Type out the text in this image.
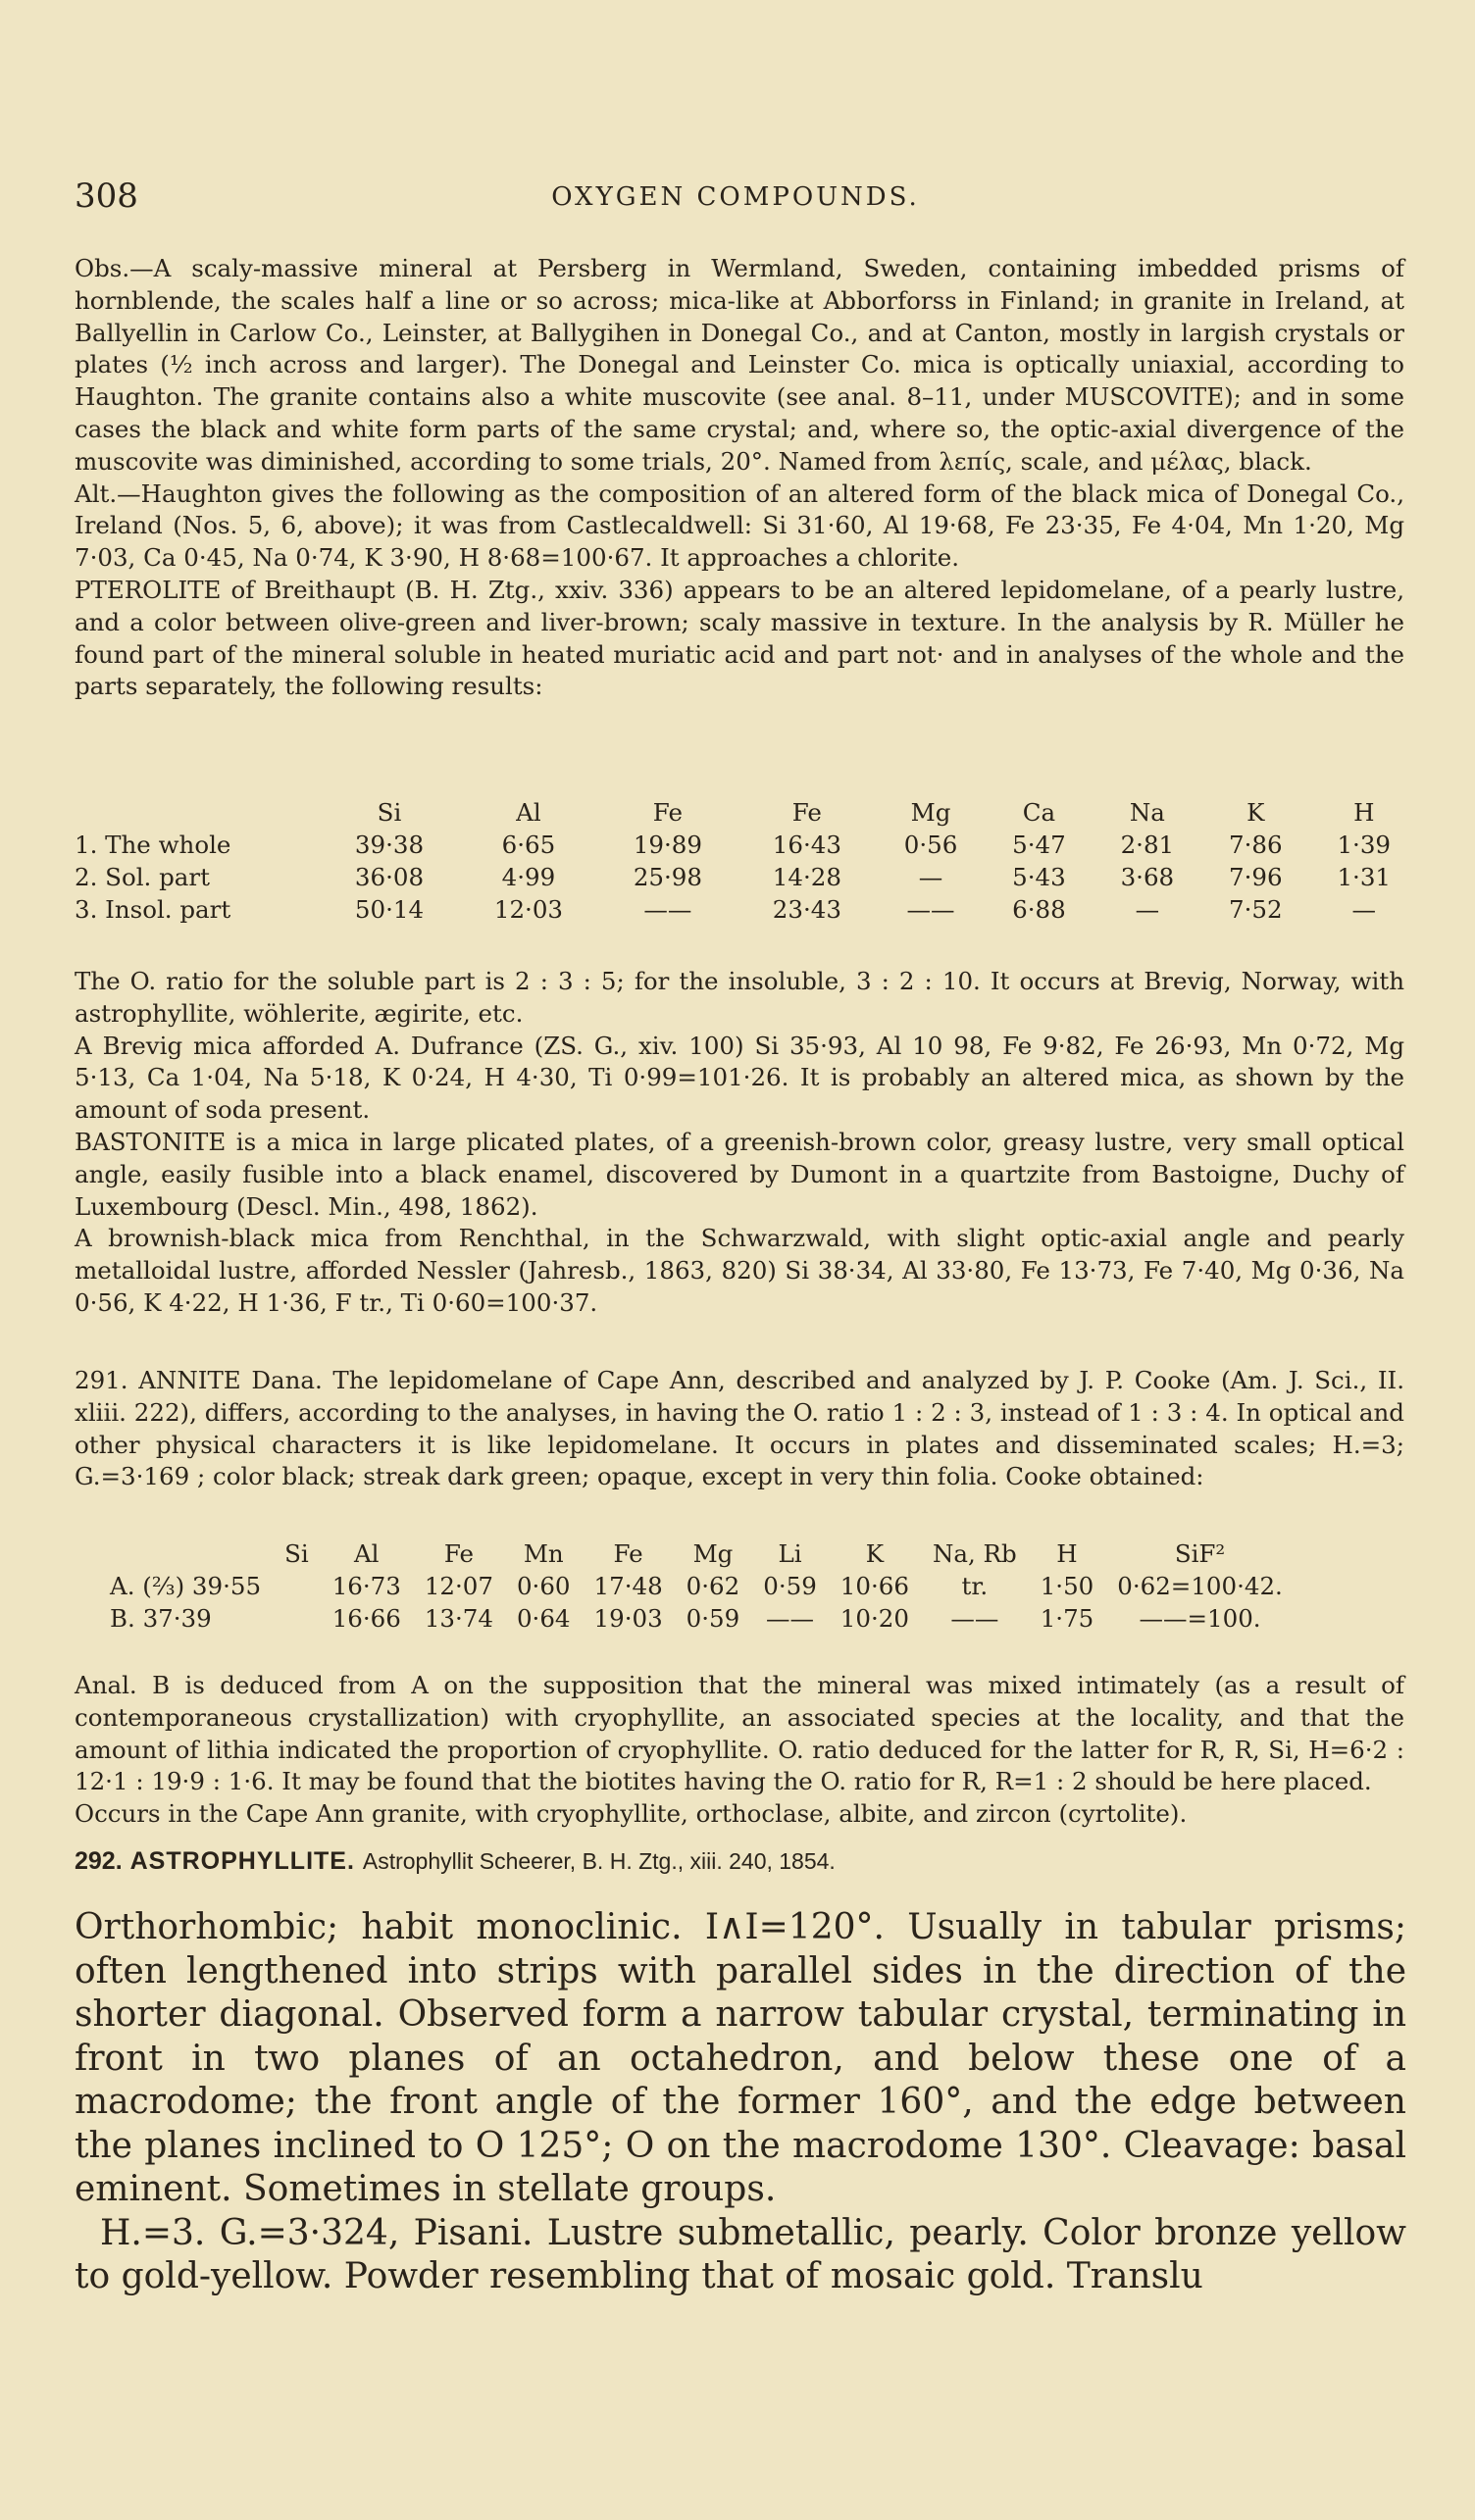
308	OXYGEN COMPOUNDS.

Obs.—A scaly-massive mineral at Persberg in Wermland, Sweden, containing imbedded prisms of hornblende, the scales half a line or so across; mica-like at Abborforss in Finland; in granite in Ireland, at Ballyellin in Carlow Co., Leinster, at Ballygihen in Donegal Co., and at Canton, mostly in largish crystals or plates (½ inch across and larger). The Donegal and Leinster Co. mica is optically uniaxial, according to Haughton. The granite contains also a white muscovite (see anal. 8–11, under MUSCOVITE); and in some cases the black and white form parts of the same crystal; and, where so, the optic-axial divergence of the muscovite was diminished, according to some trials, 20°. Named from λεπίς, scale, and μέλας, black.

Alt.—Haughton gives the following as the composition of an altered form of the black mica of Donegal Co., Ireland (Nos. 5, 6, above); it was from Castlecaldwell: Si 31·60, Al 19·68, Fe 23·35, Fe 4·04, Mn 1·20, Mg 7·03, Ca 0·45, Na 0·74, K 3·90, H 8·68=100·67. It approaches a chlorite.

PTEROLITE of Breithaupt (B. H. Ztg., xxiv. 336) appears to be an altered lepidomelane, of a pearly lustre, and a color between olive-green and liver-brown; scaly massive in texture. In the analysis by R. Müller he found part of the mineral soluble in heated muriatic acid and part not· and in analyses of the whole and the parts separately, the following results:

	Si	Al	Fe	Fe	Mg	Ca	Na	K	H
1. The whole	39·38	6·65	19·89	16·43	0·56	5·47	2·81	7·86	1·39
2. Sol. part	36·08	4·99	25·98	14·28	—	5·43	3·68	7·96	1·31
3. Insol. part	50·14	12·03	——	23·43	——	6·88	—	7·52	—

The O. ratio for the soluble part is 2 : 3 : 5; for the insoluble, 3 : 2 : 10. It occurs at Brevig, Norway, with astrophyllite, wöhlerite, ægirite, etc.

A Brevig mica afforded A. Dufrance (ZS. G., xiv. 100) Si 35·93, Al 10 98, Fe 9·82, Fe 26·93, Mn 0·72, Mg 5·13, Ca 1·04, Na 5·18, K 0·24, H 4·30, Ti 0·99=101·26. It is probably an altered mica, as shown by the amount of soda present.

BASTONITE is a mica in large plicated plates, of a greenish-brown color, greasy lustre, very small optical angle, easily fusible into a black enamel, discovered by Dumont in a quartzite from Bastoigne, Duchy of Luxembourg (Descl. Min., 498, 1862).

A brownish-black mica from Renchthal, in the Schwarzwald, with slight optic-axial angle and pearly metalloidal lustre, afforded Nessler (Jahresb., 1863, 820) Si 38·34, Al 33·80, Fe 13·73, Fe 7·40, Mg 0·36, Na 0·56, K 4·22, H 1·36, F tr., Ti 0·60=100·37.

291. ANNITE Dana. The lepidomelane of Cape Ann, described and analyzed by J. P. Cooke (Am. J. Sci., II. xliii. 222), differs, according to the analyses, in having the O. ratio 1 : 2 : 3, instead of 1 : 3 : 4. In optical and other physical characters it is like lepidomelane. It occurs in plates and disseminated scales; H.=3; G.=3·169 ; color black; streak dark green; opaque, except in very thin folia. Cooke obtained:

	Si	Al	Fe	Mn	Fe	Mg	Li	K	Na, Rb	H	SiF²
A. (⅔) 39·55		16·73	12·07	0·60	17·48	0·62	0·59	10·66	tr.	1·50	0·62=100·42.
B. 37·39		16·66	13·74	0·64	19·03	0·59	——	10·20	——	1·75	——=100.

Anal. B is deduced from A on the supposition that the mineral was mixed intimately (as a result of contemporaneous crystallization) with cryophyllite, an associated species at the locality, and that the amount of lithia indicated the proportion of cryophyllite. O. ratio deduced for the latter for R, R, Si, H=6·2 : 12·1 : 19·9 : 1·6. It may be found that the biotites having the O. ratio for R, R=1 : 2 should be here placed.

Occurs in the Cape Ann granite, with cryophyllite, orthoclase, albite, and zircon (cyrtolite).

292. ASTROPHYLLITE. Astrophyllit Scheerer, B. H. Ztg., xiii. 240, 1854.

Orthorhombic; habit monoclinic. I∧I=120°. Usually in tabular prisms; often lengthened into strips with parallel sides in the direction of the shorter diagonal. Observed form a narrow tabular crystal, terminating in front in two planes of an octahedron, and below these one of a macrodome; the front angle of the former 160°, and the edge between the planes inclined to O 125°; O on the macrodome 130°. Cleavage: basal eminent. Sometimes in stellate groups.

H.=3. G.=3·324, Pisani. Lustre submetallic, pearly. Color bronze yellow to gold-yellow. Powder resembling that of mosaic gold. Translu
